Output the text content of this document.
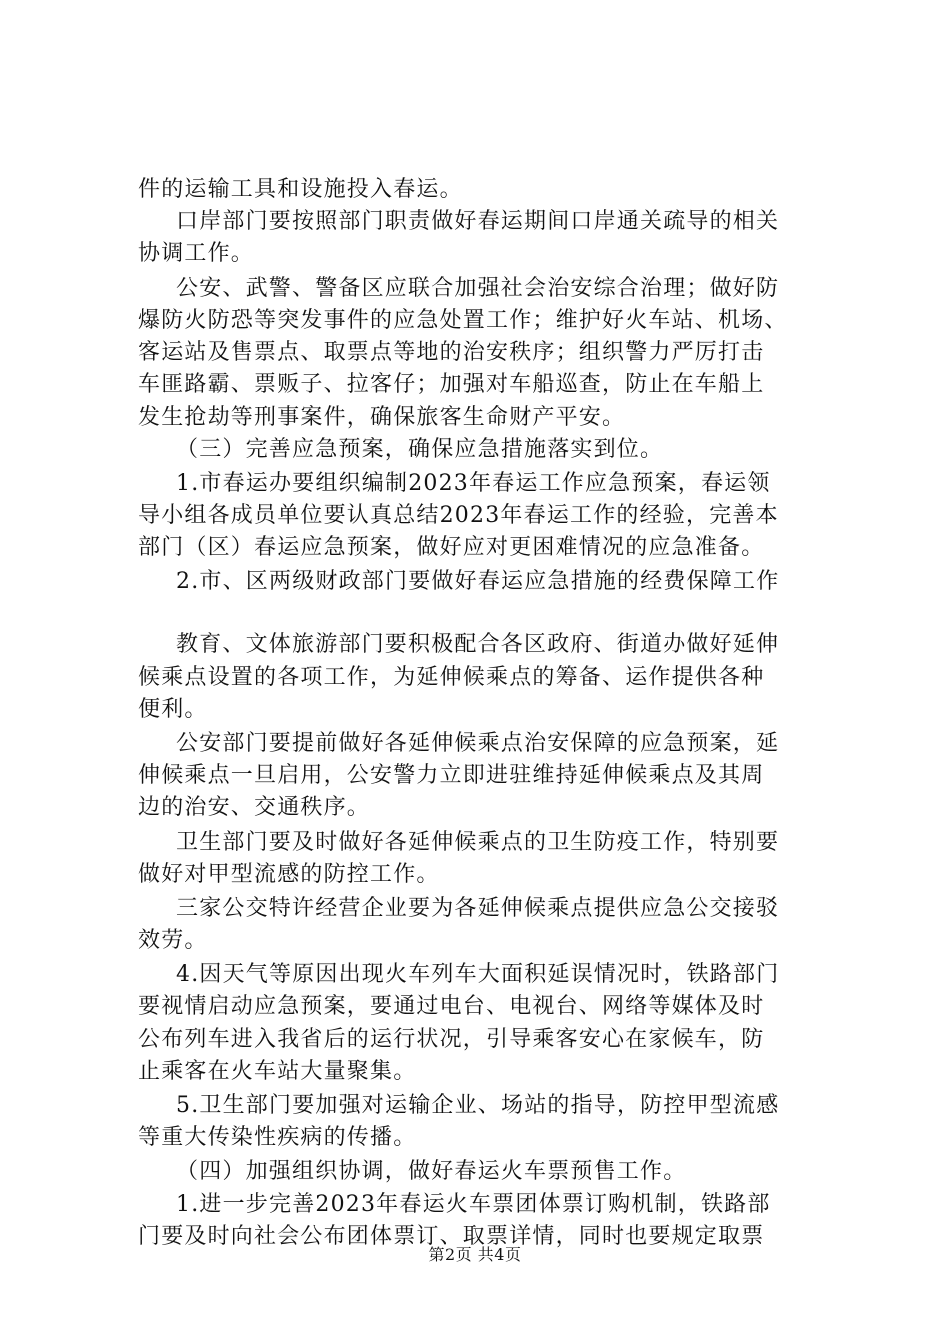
件的运输工具和设施投入春运。

口岸部门要按照部门职责做好春运期间口岸通关疏导的相关

协调工作。

公安、武警、警备区应联合加强社会治安综合治理；做好防

爆防火防恐等突发事件的应急处置工作；维护好火车站、机场、

客运站及售票点、取票点等地的治安秩序；组织警力严厉打击

车匪路霸、票贩子、拉客仔；加强对车船巡查，防止在车船上

发生抢劫等刑事案件，确保旅客生命财产平安。

（三）完善应急预案，确保应急措施落实到位。

1.市春运办要组织编制2023年春运工作应急预案，春运领

导小组各成员单位要认真总结2023年春运工作的经验，完善本

部门（区）春运应急预案，做好应对更困难情况的应急准备。

2.市、区两级财政部门要做好春运应急措施的经费保障工作

教育、文体旅游部门要积极配合各区政府、街道办做好延伸

候乘点设置的各项工作，为延伸候乘点的筹备、运作提供各种

便利。

公安部门要提前做好各延伸候乘点治安保障的应急预案，延

伸候乘点一旦启用，公安警力立即进驻维持延伸候乘点及其周

边的治安、交通秩序。

卫生部门要及时做好各延伸候乘点的卫生防疫工作，特别要

做好对甲型流感的防控工作。

三家公交特许经营企业要为各延伸候乘点提供应急公交接驳

效劳。

4.因天气等原因出现火车列车大面积延误情况时，铁路部门

要视情启动应急预案，要通过电台、电视台、网络等媒体及时

公布列车进入我省后的运行状况，引导乘客安心在家候车，防

止乘客在火车站大量聚集。

5.卫生部门要加强对运输企业、场站的指导，防控甲型流感

等重大传染性疾病的传播。

（四）加强组织协调，做好春运火车票预售工作。

1.进一步完善2023年春运火车票团体票订购机制，铁路部

门要及时向社会公布团体票订、取票详情，同时也要规定取票

第2页 共4页
